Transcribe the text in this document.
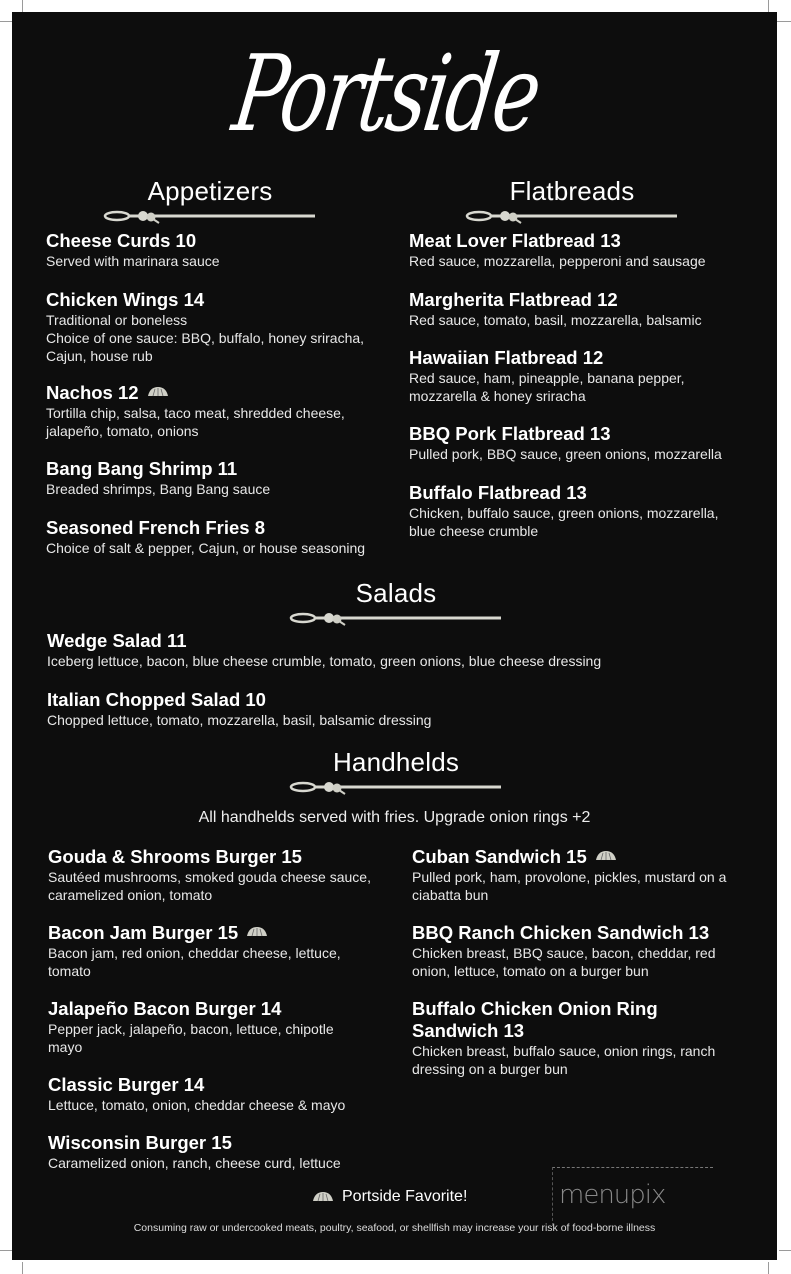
Portside
Appetizers	Flatbreads
Cheese Curds 10
Served with marinara sauce
Chicken Wings 14
Traditional or boneless
Choice of one sauce: BBQ, buffalo, honey sriracha, Cajun, house rub
Nachos 12
Tortilla chip, salsa, taco meat, shredded cheese, jalapeño, tomato, onions
Bang Bang Shrimp 11
Breaded shrimps, Bang Bang sauce
Seasoned French Fries 8
Choice of salt & pepper, Cajun, or house seasoning
Meat Lover Flatbread 13
Red sauce, mozzarella, pepperoni and sausage
Margherita Flatbread 12
Red sauce, tomato, basil, mozzarella, balsamic
Hawaiian Flatbread 12
Red sauce, ham, pineapple, banana pepper, mozzarella & honey sriracha
BBQ Pork Flatbread 13
Pulled pork, BBQ sauce, green onions, mozzarella
Buffalo Flatbread 13
Chicken, buffalo sauce, green onions, mozzarella, blue cheese crumble
Salads
Wedge Salad 11
Iceberg lettuce, bacon, blue cheese crumble, tomato, green onions, blue cheese dressing
Italian Chopped Salad 10
Chopped lettuce, tomato, mozzarella, basil, balsamic dressing
Handhelds
All handhelds served with fries. Upgrade onion rings +2
Gouda & Shrooms Burger 15
Sautéed mushrooms, smoked gouda cheese sauce, caramelized onion, tomato
Bacon Jam Burger 15
Bacon jam, red onion, cheddar cheese, lettuce, tomato
Jalapeño Bacon Burger 14
Pepper jack, jalapeño, bacon, lettuce, chipotle mayo
Classic Burger 14
Lettuce, tomato, onion, cheddar cheese & mayo
Wisconsin Burger 15
Caramelized onion, ranch, cheese curd, lettuce
Cuban Sandwich 15
Pulled pork, ham, provolone, pickles, mustard on a ciabatta bun
BBQ Ranch Chicken Sandwich 13
Chicken breast, BBQ sauce, bacon, cheddar, red onion, lettuce, tomato on a burger bun
Buffalo Chicken Onion Ring Sandwich 13
Chicken breast, buffalo sauce, onion rings, ranch dressing on a burger bun
menupix
Portside Favorite!
Consuming raw or undercooked meats, poultry, seafood, or shellfish may increase your risk of food-borne illness
